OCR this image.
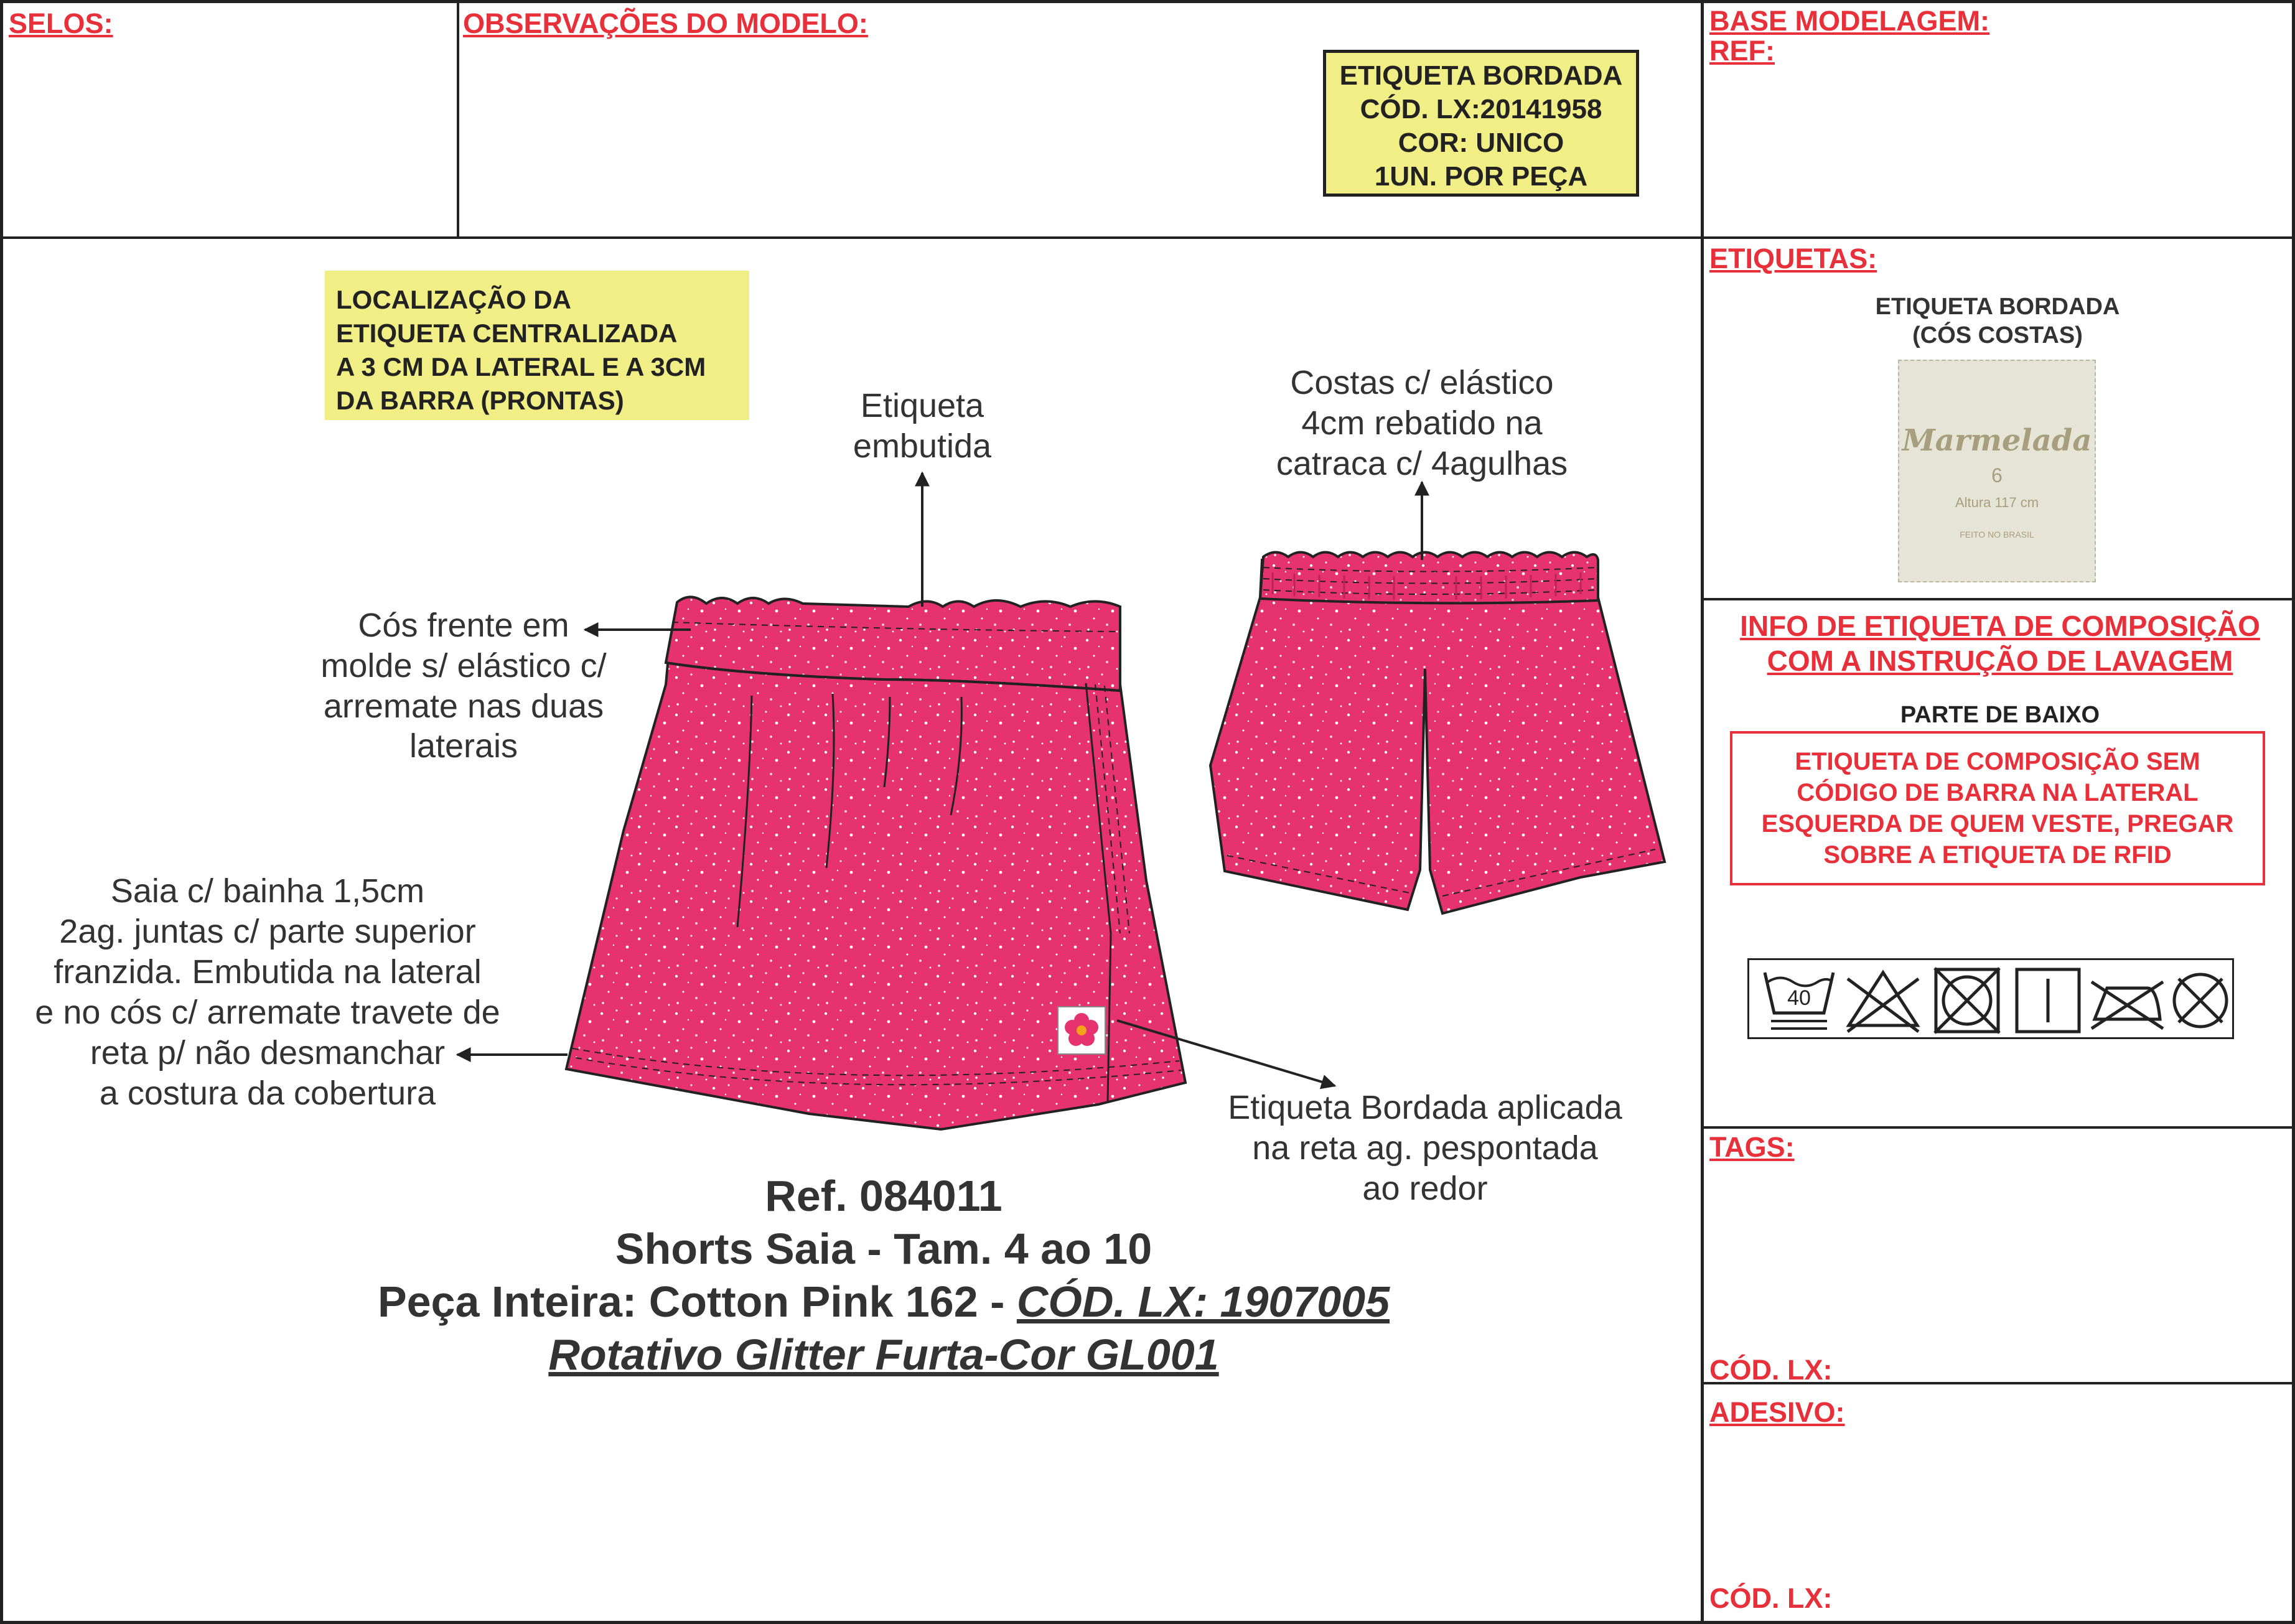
SELOS:	OBSERVAÇÕES DO MODELO:	BASE MODELAGEM:
REF:
ETIQUETA BORDADA
CÓD. LX:20141958
COR: UNICO
1UN. POR PEÇA
LOCALIZAÇÃO DA
ETIQUETA CENTRALIZADA
A 3 CM DA LATERAL E A 3CM
DA BARRA (PRONTAS)	Etiqueta
embutida
Costas c/ elástico
4cm rebatido na
catraca c/ 4agulhas
Cós frente em
molde s/ elástico c/
arremate nas duas
laterais
Saia c/ bainha 1,5cm
2ag. juntas c/ parte superior
franzida. Embutida na lateral
e no cós c/ arremate travete de
reta p/ não desmanchar
a costura da cobertura	Etiqueta Bordada aplicada
na reta ag. pespontada
ao redor
Ref. 084011
Shorts Saia - Tam. 4 ao 10
Peça Inteira: Cotton Pink 162 - CÓD. LX: 1907005
Rotativo Glitter Furta-Cor GL001
ETIQUETAS:
ETIQUETA BORDADA
(CÓS COSTAS)
Marmelada
6
Altura 117 cm
FEITO NO BRASIL
INFO DE ETIQUETA DE COMPOSIÇÃO
COM A INSTRUÇÃO DE LAVAGEM
PARTE DE BAIXO
ETIQUETA DE COMPOSIÇÃO SEM
CÓDIGO DE BARRA NA LATERAL
ESQUERDA DE QUEM VESTE, PREGAR
SOBRE A ETIQUETA DE RFID
40
TAGS:
CÓD. LX:
ADESIVO:
CÓD. LX:
